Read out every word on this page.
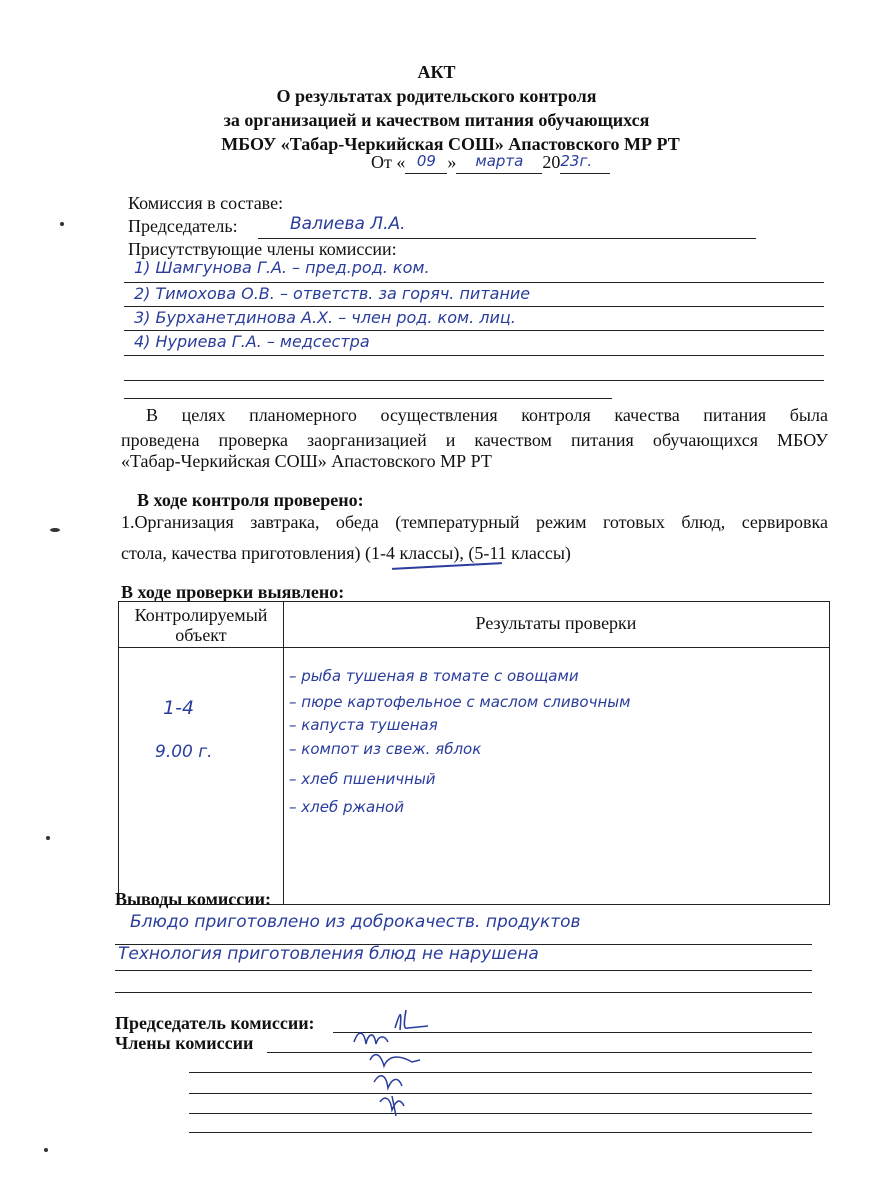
АКТ
О результатах родительского контроля
за организацией и качеством питания обучающихся
МБОУ «Табар-Черкийская СОШ» Апастовского МР РТ
От « 09 » марта 2023г.
Комиссия в составе:
Председатель:	Валиева Л.А.
Присутствующие члены комиссии:
1) Шамгунова Г.А. – пред.род. ком.
2) Тимохова О.В. – ответств. за горяч. питание
3) Бурханетдинова А.Х. – член род. ком. лиц.
4) Нуриева Г.А. – медсестра
В целях планомерного осуществления контроля качества питания была
проведена проверка заорганизацией и качеством питания обучающихся МБОУ
«Табар-Черкийская СОШ» Апастовского МР РТ
В ходе контроля проверено:
1.Организация завтрака, обеда (температурный режим готовых блюд, сервировка
стола, качества приготовления) (1-4 классы), (5-11 классы)
В ходе проверки выявлено:
Контролируемый
объект
Результаты проверки
1-4
9.00 г.
– рыба тушеная в томате с овощами
– пюре картофельное с маслом сливочным
– капуста тушеная
– компот из свеж. яблок
– хлеб пшеничный
– хлеб ржаной
Выводы комиссии:
Блюдо приготовлено из доброкачеств. продуктов
Технология приготовления блюд не нарушена
Председатель комиссии:
Члены комиссии
